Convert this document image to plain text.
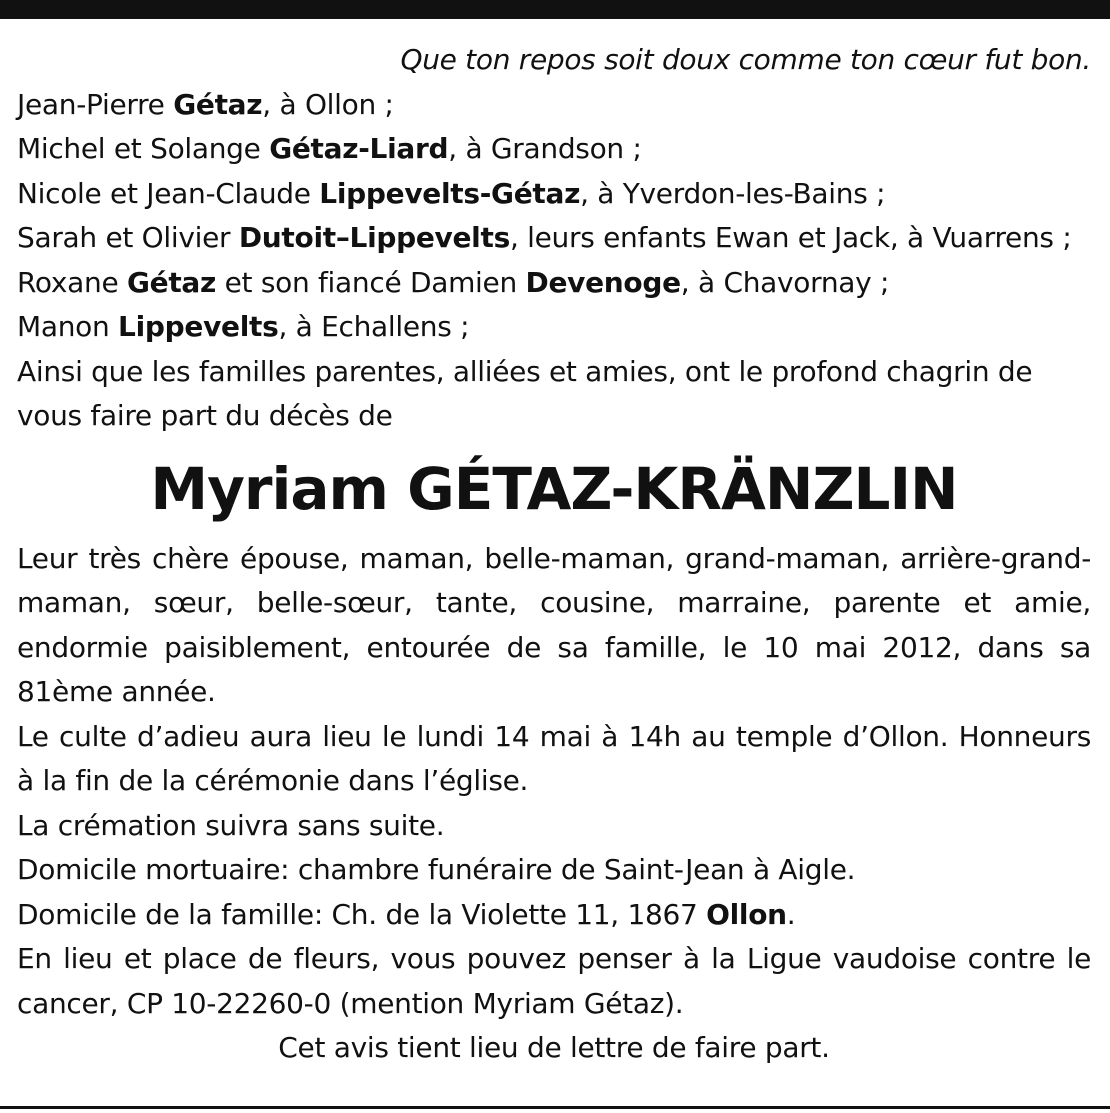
Que ton repos soit doux comme ton cœur fut bon.
Jean-Pierre Gétaz, à Ollon ;
Michel et Solange Gétaz-Liard, à Grandson ;
Nicole et Jean-Claude Lippevelts-Gétaz, à Yverdon-les-Bains ;
Sarah et Olivier Dutoit–Lippevelts, leurs enfants Ewan et Jack, à Vuarrens ;
Roxane Gétaz et son fiancé Damien Devenoge, à Chavornay ;
Manon Lippevelts, à Echallens ;
Ainsi que les familles parentes, alliées et amies, ont le profond chagrin de vous faire part du décès de
Myriam GÉTAZ-KRÄNZLIN
Leur très chère épouse, maman, belle-maman, grand-maman, arrière-grand-maman, sœur, belle-sœur, tante, cousine, marraine, parente et amie, endormie paisiblement, entourée de sa famille, le 10 mai 2012, dans sa 81ème année.
Le culte d’adieu aura lieu le lundi 14 mai à 14h au temple d’Ollon. Honneurs à la fin de la cérémonie dans l’église.
La crémation suivra sans suite.
Domicile mortuaire: chambre funéraire de Saint-Jean à Aigle.
Domicile de la famille: Ch. de la Violette 11, 1867 Ollon.
En lieu et place de fleurs, vous pouvez penser à la Ligue vaudoise contre le cancer, CP 10-22260-0 (mention Myriam Gétaz).
Cet avis tient lieu de lettre de faire part.
